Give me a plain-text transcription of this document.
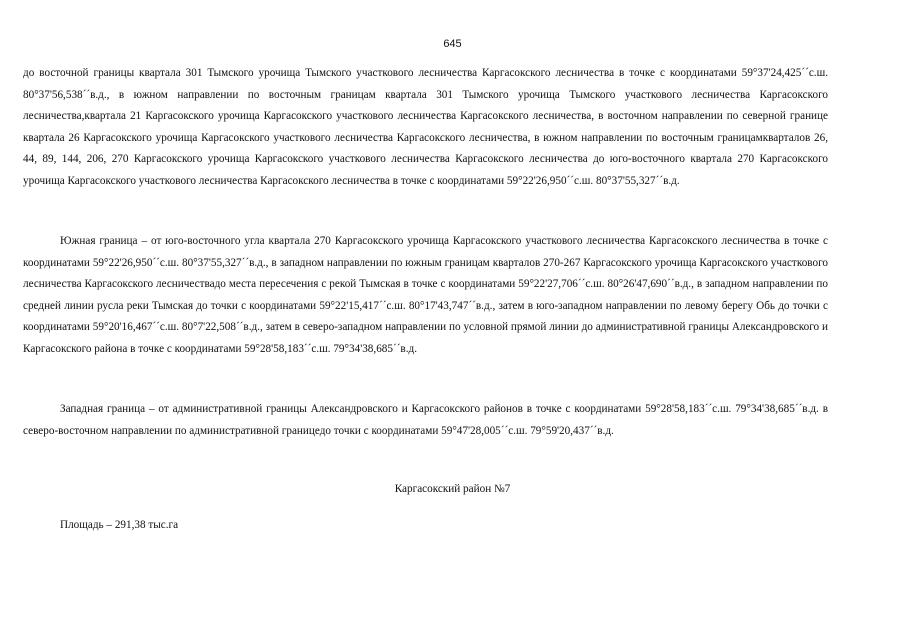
645

до восточной границы квартала 301 Тымского урочища Тымского участкового лесничества Каргасокского лесничества в точке с координатами 59°37'24,425´´с.ш. 80°37'56,538´´в.д., в южном направлении по восточным границам квартала 301 Тымского урочища Тымского участкового лесничества Каргасокского лесничества,квартала 21 Каргасокского урочища Каргасокского участкового лесничества Каргасокского лесничества, в восточном направлении по северной границе квартала 26 Каргасокского урочища Каргасокского участкового лесничества Каргасокского лесничества, в южном направлении по восточным границамкварталов 26, 44, 89, 144, 206, 270 Каргасокского урочища Каргасокского участкового лесничества Каргасокского лесничества до юго-восточного квартала 270 Каргасокского урочища Каргасокского участкового лесничества Каргасокского лесничества в точке с координатами 59°22'26,950´´с.ш. 80°37'55,327´´в.д.

Южная граница – от юго-восточного угла квартала 270 Каргасокского урочища Каргасокского участкового лесничества Каргасокского лесничества в точке с координатами 59°22'26,950´´с.ш. 80°37'55,327´´в.д., в западном направлении по южным границам кварталов 270-267 Каргасокского урочища Каргасокского участкового лесничества Каргасокского лесничествадо места пересечения с рекой Тымская в точке с координатами 59°22'27,706´´с.ш. 80°26'47,690´´в.д., в западном направлении по средней линии русла реки Тымская до точки с координатами 59°22'15,417´´с.ш. 80°17'43,747´´в.д., затем в юго-западном направлении по левому берегу Обь до точки с координатами 59°20'16,467´´с.ш. 80°7'22,508´´в.д., затем в северо-западном направлении по условной прямой линии до административной границы Александровского и Каргасокского района в точке с координатами 59°28'58,183´´с.ш. 79°34'38,685´´в.д.

Западная граница – от административной границы Александровского и Каргасокского районов в точке с координатами 59°28'58,183´´с.ш. 79°34'38,685´´в.д. в северо-восточном направлении по административной границедо точки с координатами 59°47'28,005´´с.ш. 79°59'20,437´´в.д.

Каргасокский район №7
Площадь – 291,38 тыс.га
